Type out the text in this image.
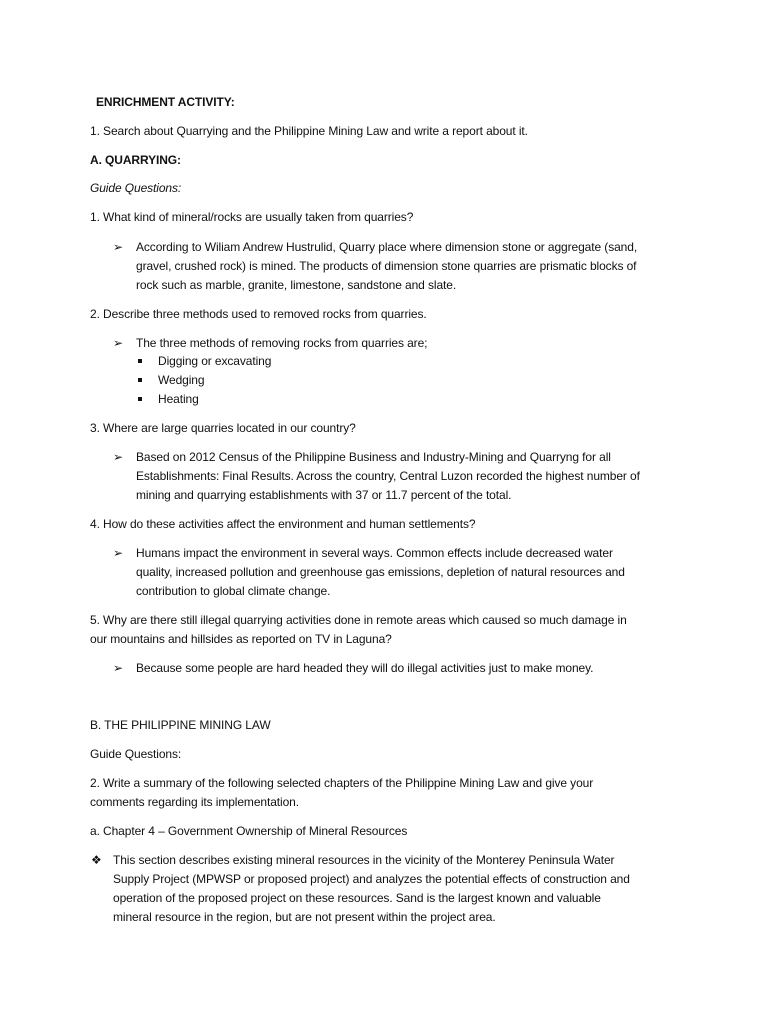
ENRICHMENT ACTIVITY:
1. Search about Quarrying and the Philippine Mining Law and write a report about it.
A. QUARRYING:
Guide Questions:
1. What kind of mineral/rocks are usually taken from quarries?
➢ According to Wiliam Andrew Hustrulid, Quarry place where dimension stone or aggregate (sand,
gravel, crushed rock) is mined. The products of dimension stone quarries are prismatic blocks of
rock such as marble, granite, limestone, sandstone and slate.
2. Describe three methods used to removed rocks from quarries.
➢ The three methods of removing rocks from quarries are;
Digging or excavating
Wedging
Heating
3. Where are large quarries located in our country?
➢ Based on 2012 Census of the Philippine Business and Industry-Mining and Quarryng for all
Establishments: Final Results. Across the country, Central Luzon recorded the highest number of
mining and quarrying establishments with 37 or 11.7 percent of the total.
4. How do these activities affect the environment and human settlements?
➢ Humans impact the environment in several ways. Common effects include decreased water
quality, increased pollution and greenhouse gas emissions, depletion of natural resources and
contribution to global climate change.
5. Why are there still illegal quarrying activities done in remote areas which caused so much damage in
our mountains and hillsides as reported on TV in Laguna?
➢ Because some people are hard headed they will do illegal activities just to make money.
B. THE PHILIPPINE MINING LAW
Guide Questions:
2. Write a summary of the following selected chapters of the Philippine Mining Law and give your
comments regarding its implementation.
a. Chapter 4 – Government Ownership of Mineral Resources
❖ This section describes existing mineral resources in the vicinity of the Monterey Peninsula Water
Supply Project (MPWSP or proposed project) and analyzes the potential effects of construction and
operation of the proposed project on these resources. Sand is the largest known and valuable
mineral resource in the region, but are not present within the project area.
